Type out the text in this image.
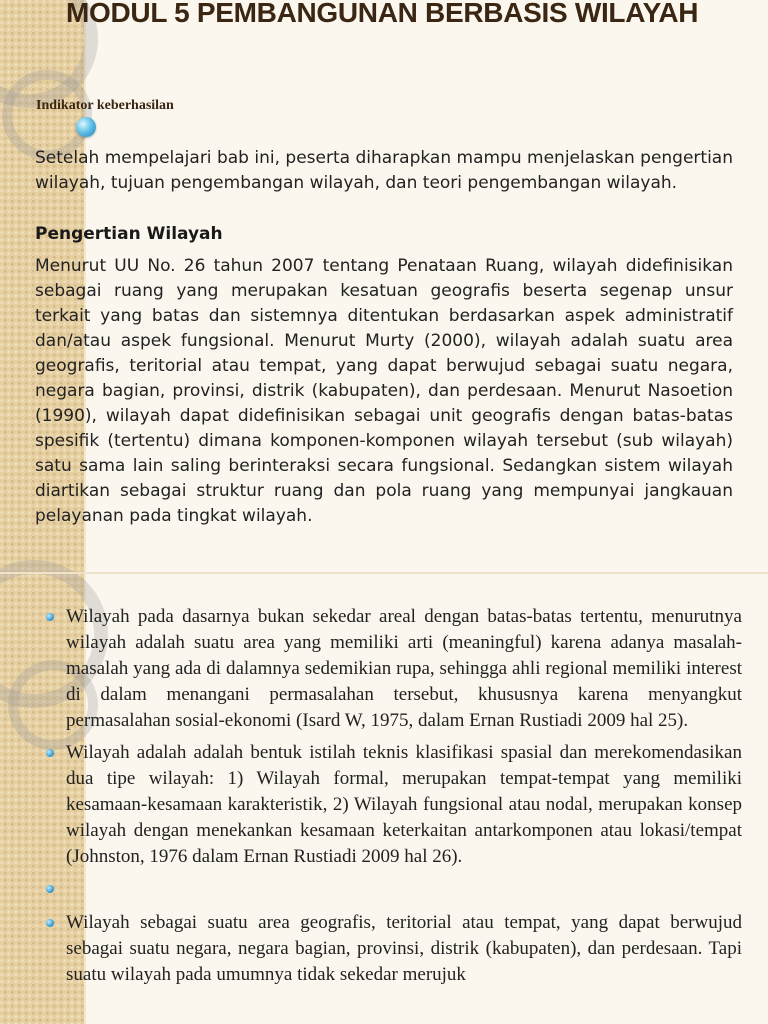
MODUL 5 PEMBANGUNAN BERBASIS WILAYAH
Indikator keberhasilan
Setelah mempelajari bab ini, peserta diharapkan mampu menjelaskan pengertian wilayah, tujuan pengembangan wilayah, dan teori pengembangan wilayah.
Pengertian Wilayah
Menurut UU No. 26 tahun 2007 tentang Penataan Ruang, wilayah didefinisikan sebagai ruang yang merupakan kesatuan geografis beserta segenap unsur terkait yang batas dan sistemnya ditentukan berdasarkan aspek administratif dan/atau aspek fungsional. Menurut Murty (2000), wilayah adalah suatu area geografis, teritorial atau tempat, yang dapat berwujud sebagai suatu negara, negara bagian, provinsi, distrik (kabupaten), dan perdesaan. Menurut Nasoetion (1990), wilayah dapat didefinisikan sebagai unit geografis dengan batas-batas spesifik (tertentu) dimana komponen-komponen wilayah tersebut (sub wilayah) satu sama lain saling berinteraksi secara fungsional. Sedangkan sistem wilayah diartikan sebagai struktur ruang dan pola ruang yang mempunyai jangkauan pelayanan pada tingkat wilayah.
Wilayah pada dasarnya bukan sekedar areal dengan batas-batas tertentu, menurutnya wilayah adalah suatu area yang memiliki arti (meaningful) karena adanya masalah-masalah yang ada di dalamnya sedemikian rupa, sehingga ahli regional memiliki interest di dalam menangani permasalahan tersebut, khususnya karena menyangkut permasalahan sosial-ekonomi (Isard W, 1975, dalam Ernan Rustiadi 2009 hal 25).
Wilayah adalah adalah bentuk istilah teknis klasifikasi spasial dan merekomendasikan dua tipe wilayah: 1) Wilayah formal, merupakan tempat-tempat yang memiliki kesamaan-kesamaan karakteristik, 2) Wilayah fungsional atau nodal, merupakan konsep wilayah dengan menekankan kesamaan keterkaitan antarkomponen atau lokasi/tempat (Johnston, 1976 dalam Ernan Rustiadi 2009 hal 26).
Wilayah sebagai suatu area geografis, teritorial atau tempat, yang dapat berwujud sebagai suatu negara, negara bagian, provinsi, distrik (kabupaten), dan perdesaan. Tapi suatu wilayah pada umumnya tidak sekedar merujuk
